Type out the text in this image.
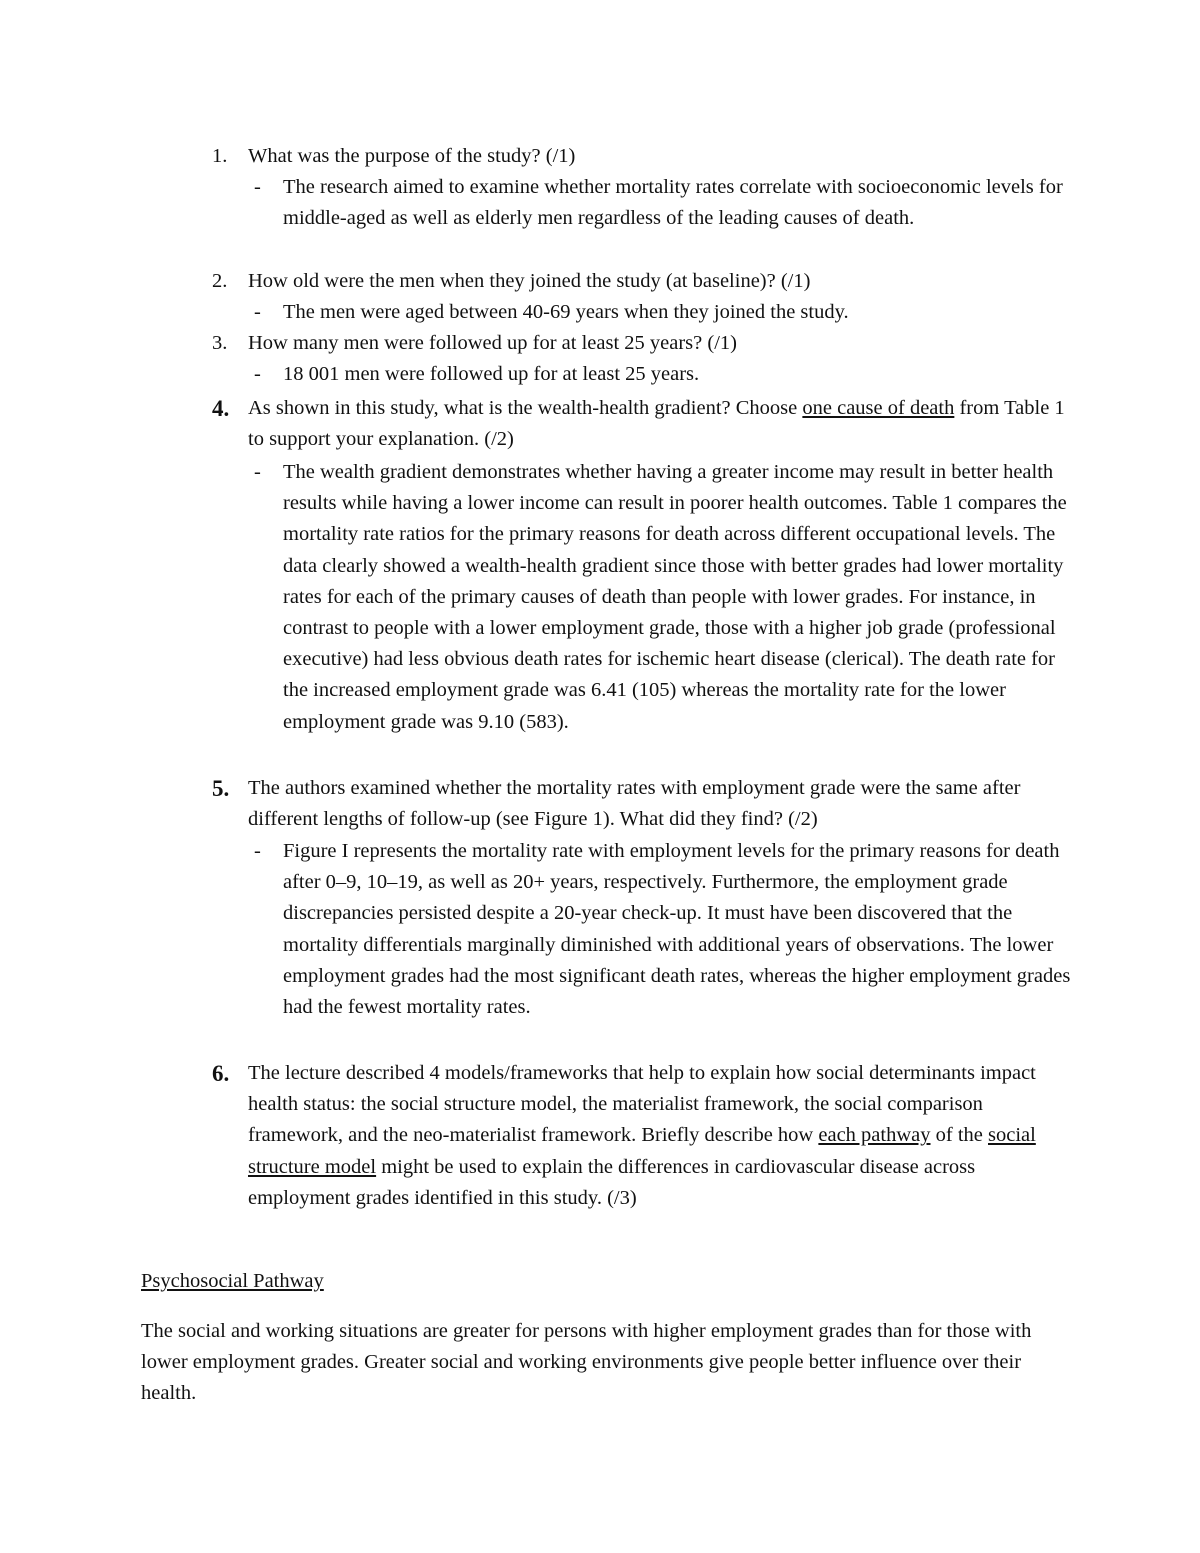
1. What was the purpose of the study? (/1)
- The research aimed to examine whether mortality rates correlate with socioeconomic levels for middle-aged as well as elderly men regardless of the leading causes of death.
2. How old were the men when they joined the study (at baseline)? (/1)
- The men were aged between 40-69 years when they joined the study.
3. How many men were followed up for at least 25 years? (/1)
- 18 001 men were followed up for at least 25 years.
4. As shown in this study, what is the wealth-health gradient? Choose one cause of death from Table 1 to support your explanation. (/2)
- The wealth gradient demonstrates whether having a greater income may result in better health results while having a lower income can result in poorer health outcomes. Table 1 compares the mortality rate ratios for the primary reasons for death across different occupational levels. The data clearly showed a wealth-health gradient since those with better grades had lower mortality rates for each of the primary causes of death than people with lower grades. For instance, in contrast to people with a lower employment grade, those with a higher job grade (professional executive) had less obvious death rates for ischemic heart disease (clerical). The death rate for the increased employment grade was 6.41 (105) whereas the mortality rate for the lower employment grade was 9.10 (583).
5. The authors examined whether the mortality rates with employment grade were the same after different lengths of follow-up (see Figure 1). What did they find? (/2)
- Figure I represents the mortality rate with employment levels for the primary reasons for death after 0–9, 10–19, as well as 20+ years, respectively. Furthermore, the employment grade discrepancies persisted despite a 20-year check-up. It must have been discovered that the mortality differentials marginally diminished with additional years of observations. The lower employment grades had the most significant death rates, whereas the higher employment grades had the fewest mortality rates.
6. The lecture described 4 models/frameworks that help to explain how social determinants impact health status: the social structure model, the materialist framework, the social comparison framework, and the neo-materialist framework. Briefly describe how each pathway of the social structure model might be used to explain the differences in cardiovascular disease across employment grades identified in this study. (/3)
Psychosocial Pathway
The social and working situations are greater for persons with higher employment grades than for those with lower employment grades. Greater social and working environments give people better influence over their health.
